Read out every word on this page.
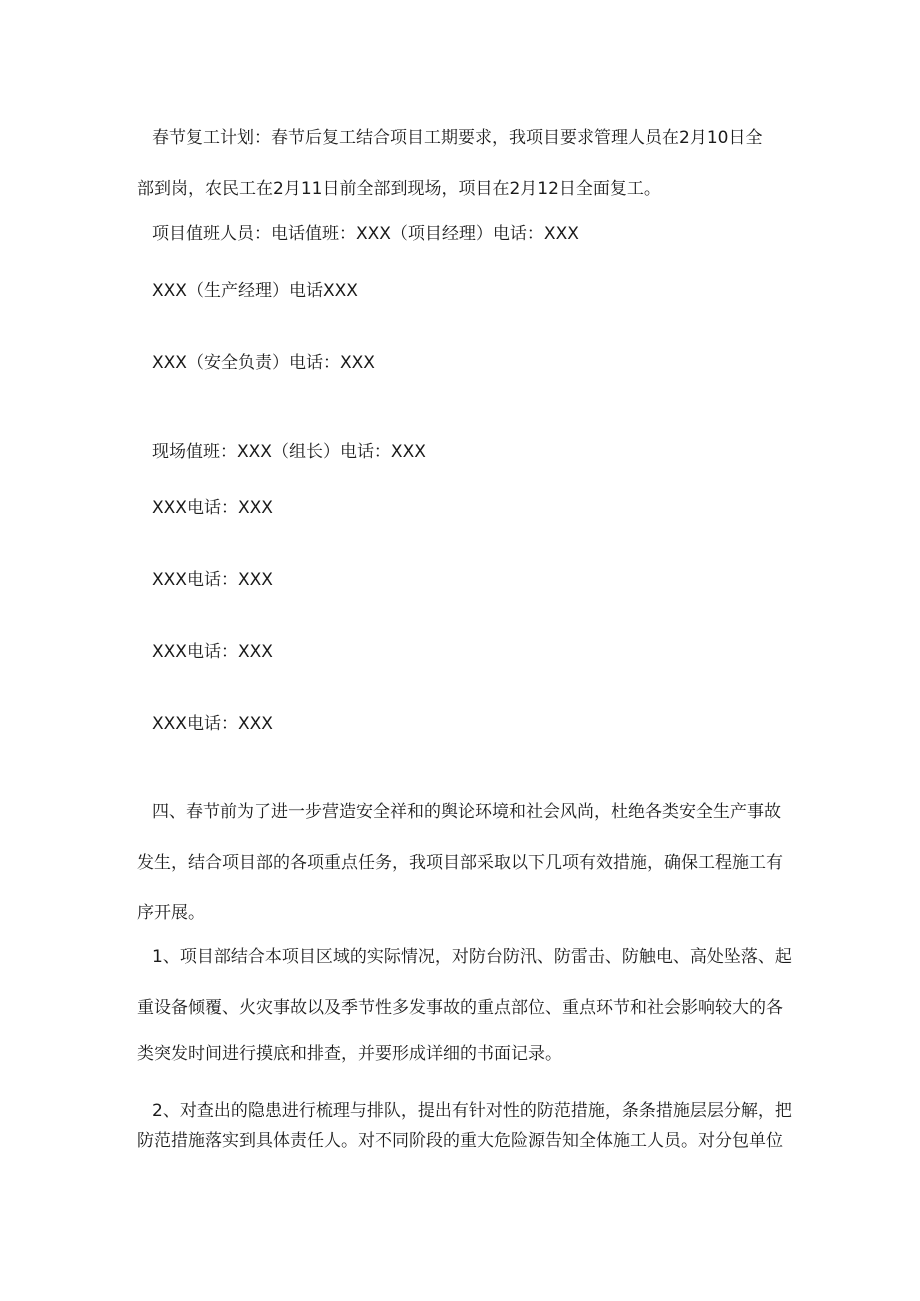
春节复工计划：春节后复工结合项目工期要求，我项目要求管理人员在2月10日全
部到岗，农民工在2月11日前全部到现场，项目在2月12日全面复工。
项目值班人员：电话值班：XXX（项目经理）电话：XXX
XXX（生产经理）电话XXX
XXX（安全负责）电话：XXX
现场值班：XXX（组长）电话：XXX
XXX电话：XXX
XXX电话：XXX
XXX电话：XXX
XXX电话：XXX
四、春节前为了进一步营造安全祥和的舆论环境和社会风尚，杜绝各类安全生产事故
发生，结合项目部的各项重点任务，我项目部采取以下几项有效措施，确保工程施工有
序开展。
1、项目部结合本项目区域的实际情况，对防台防汛、防雷击、防触电、高处坠落、起
重设备倾覆、火灾事故以及季节性多发事故的重点部位、重点环节和社会影响较大的各
类突发时间进行摸底和排查，并要形成详细的书面记录。
2、对查出的隐患进行梳理与排队，提出有针对性的防范措施，条条措施层层分解，把
防范措施落实到具体责任人。对不同阶段的重大危险源告知全体施工人员。对分包单位
